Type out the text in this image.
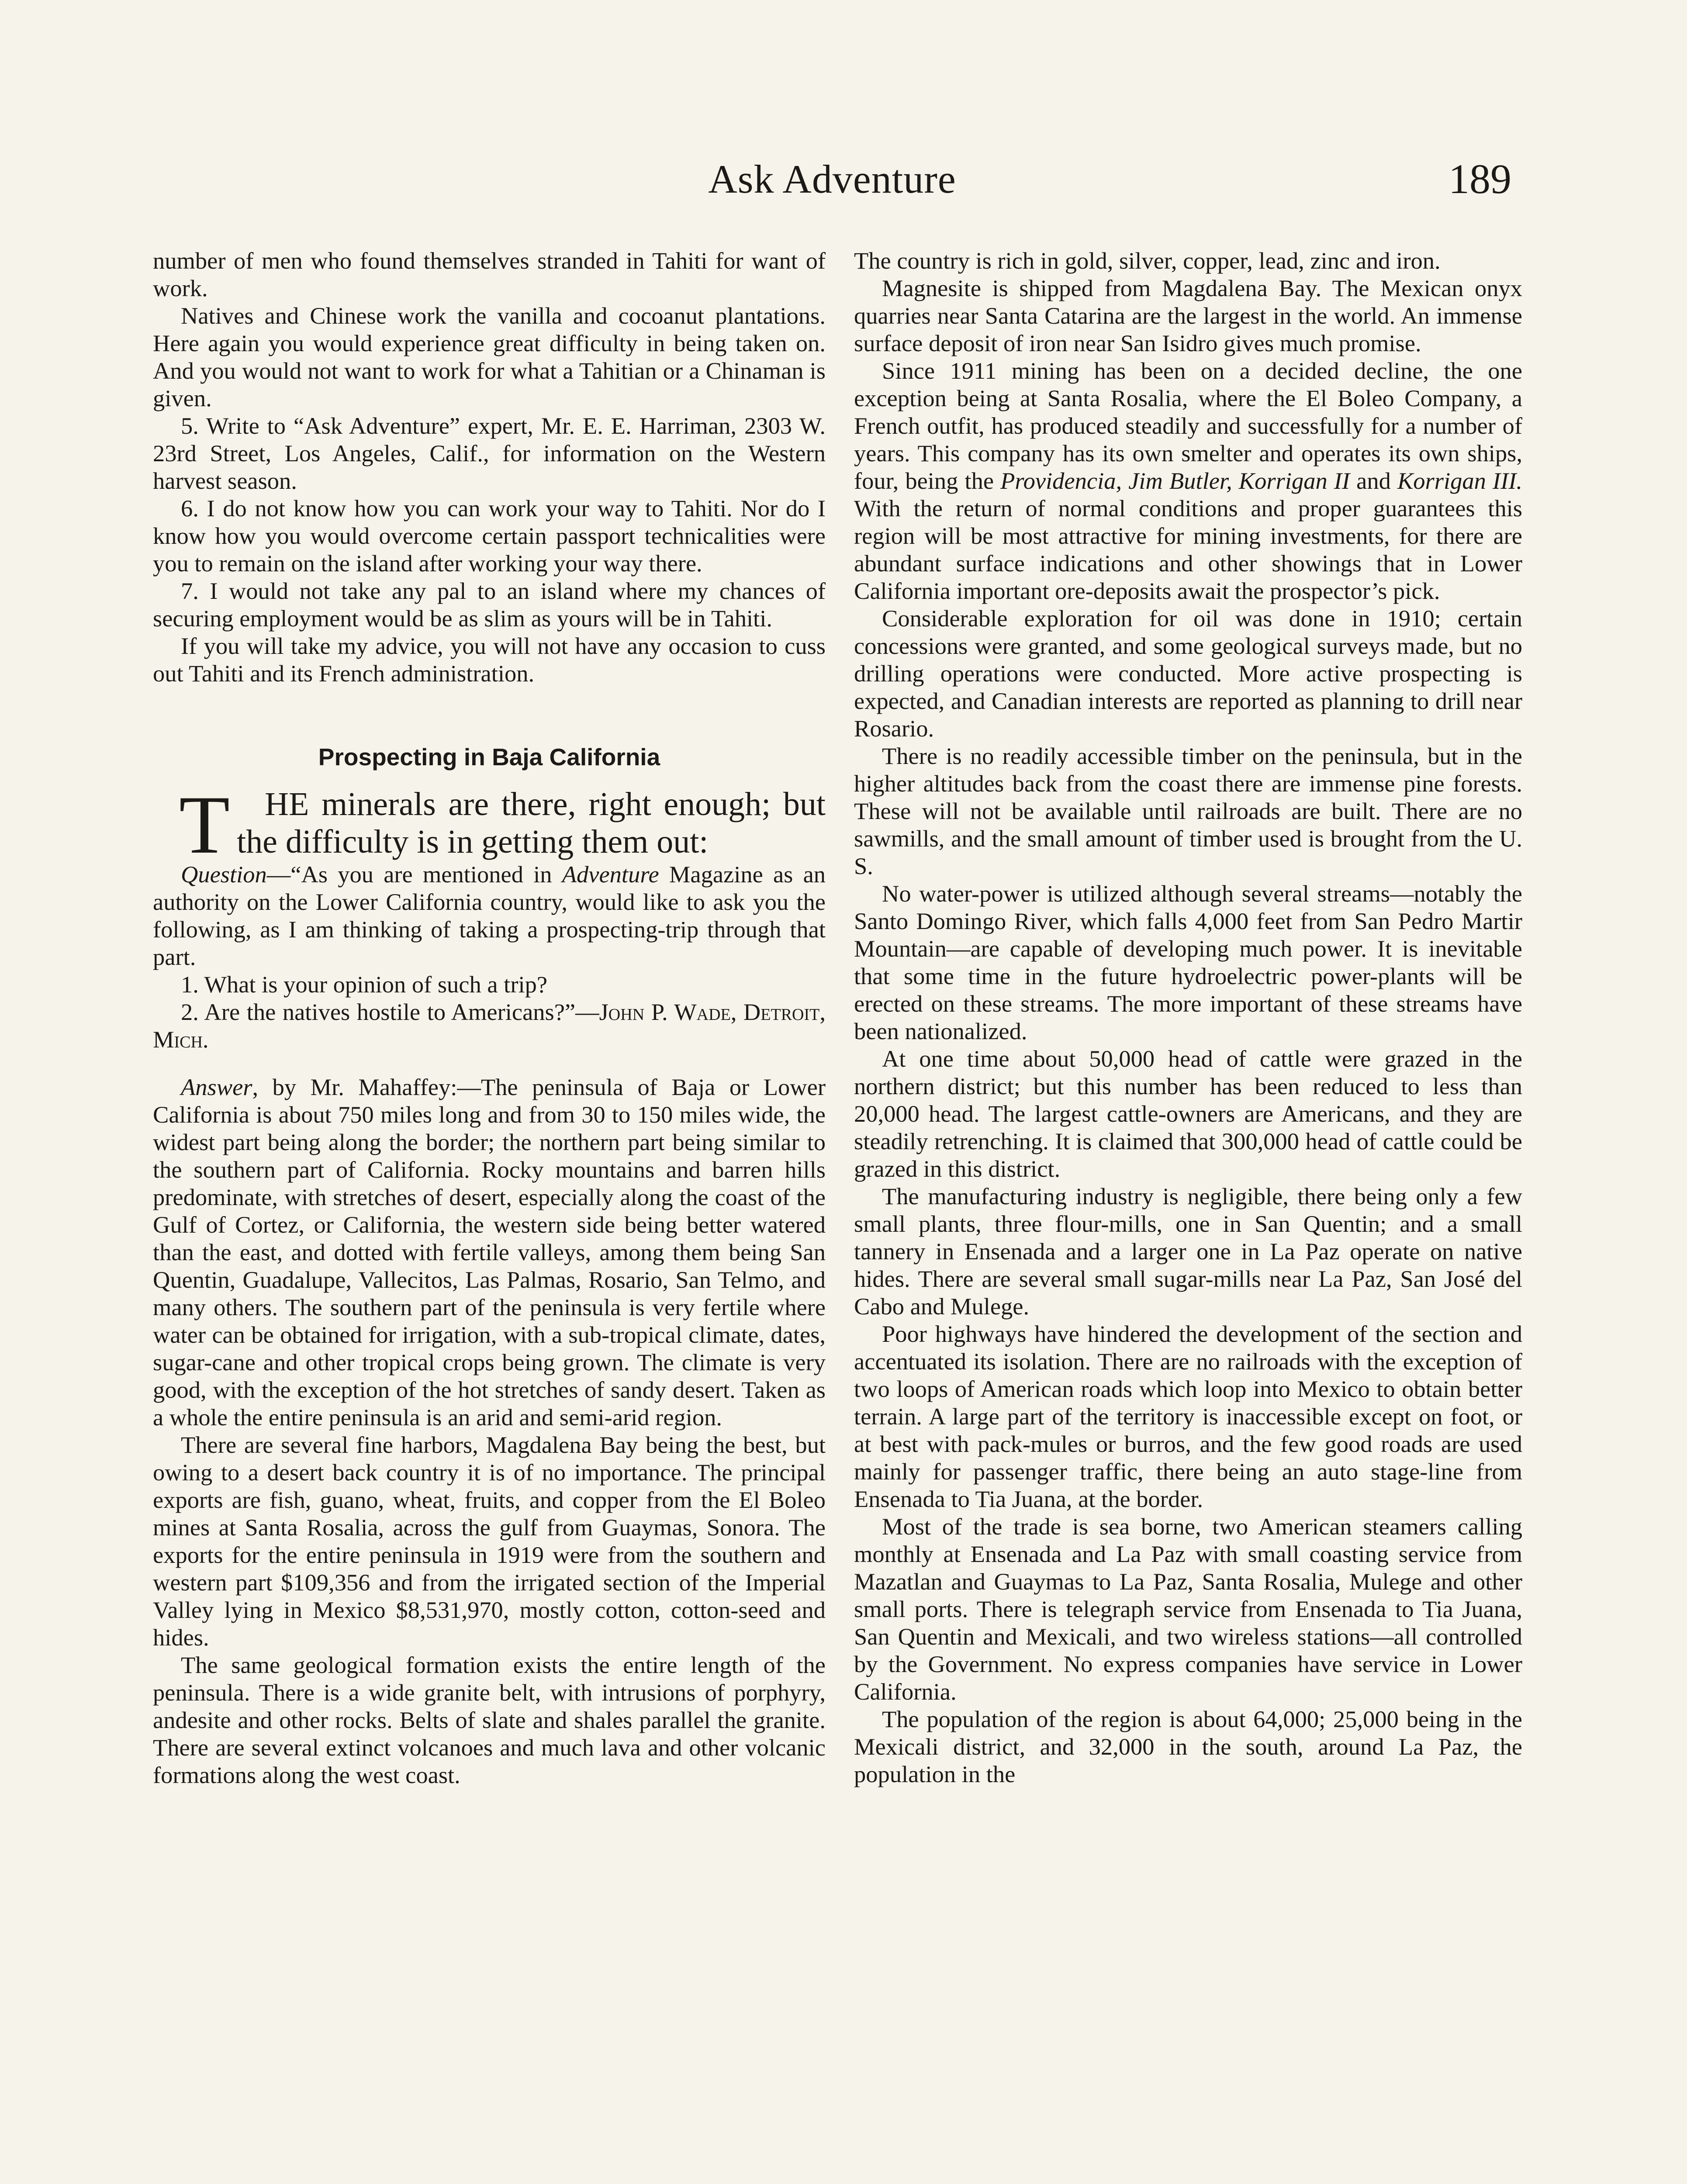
Ask Adventure	189

number of men who found themselves stranded in Tahiti for want of work.

Natives and Chinese work the vanilla and cocoanut plantations. Here again you would experience great difficulty in being taken on. And you would not want to work for what a Tahitian or a Chinaman is given.

5. Write to “Ask Adventure” expert, Mr. E. E. Harriman, 2303 W. 23rd Street, Los Angeles, Calif., for information on the Western harvest season.

6. I do not know how you can work your way to Tahiti. Nor do I know how you would overcome certain passport technicalities were you to remain on the island after working your way there.

7. I would not take any pal to an island where my chances of securing employment would be as slim as yours will be in Tahiti.

If you will take my advice, you will not have any occasion to cuss out Tahiti and its French administration.

Prospecting in Baja California

T HE minerals are there, right enough; but the difficulty is in getting them out:

Question—“As you are mentioned in Adventure Magazine as an authority on the Lower California country, would like to ask you the following, as I am thinking of taking a prospecting-trip through that part.

1. What is your opinion of such a trip?

2. Are the natives hostile to Americans?”—John P. Wade, Detroit, Mich.

Answer, by Mr. Mahaffey:—The peninsula of Baja or Lower California is about 750 miles long and from 30 to 150 miles wide, the widest part being along the border; the northern part being similar to the southern part of California. Rocky mountains and barren hills predominate, with stretches of desert, especially along the coast of the Gulf of Cortez, or California, the western side being better watered than the east, and dotted with fertile valleys, among them being San Quentin, Guadalupe, Vallecitos, Las Palmas, Rosario, San Telmo, and many others. The southern part of the peninsula is very fertile where water can be obtained for irrigation, with a sub-tropical climate, dates, sugar-cane and other tropical crops being grown. The climate is very good, with the exception of the hot stretches of sandy desert. Taken as a whole the entire peninsula is an arid and semi-arid region.

There are several fine harbors, Magdalena Bay being the best, but owing to a desert back country it is of no importance. The principal exports are fish, guano, wheat, fruits, and copper from the El Boleo mines at Santa Rosalia, across the gulf from Guaymas, Sonora. The exports for the entire peninsula in 1919 were from the southern and western part $109,356 and from the irrigated section of the Imperial Valley lying in Mexico $8,531,970, mostly cotton, cotton-seed and hides.

The same geological formation exists the entire length of the peninsula. There is a wide granite belt, with intrusions of porphyry, andesite and other rocks. Belts of slate and shales parallel the granite. There are several extinct volcanoes and much lava and other volcanic formations along the west coast.

The country is rich in gold, silver, copper, lead, zinc and iron.

Magnesite is shipped from Magdalena Bay. The Mexican onyx quarries near Santa Catarina are the largest in the world. An immense surface deposit of iron near San Isidro gives much promise.

Since 1911 mining has been on a decided decline, the one exception being at Santa Rosalia, where the El Boleo Company, a French outfit, has produced steadily and successfully for a number of years. This company has its own smelter and operates its own ships, four, being the Providencia, Jim Butler, Korrigan II and Korrigan III. With the return of normal conditions and proper guarantees this region will be most attractive for mining investments, for there are abundant surface indications and other showings that in Lower California important ore-deposits await the prospector’s pick.

Considerable exploration for oil was done in 1910; certain concessions were granted, and some geological surveys made, but no drilling operations were conducted. More active prospecting is expected, and Canadian interests are reported as planning to drill near Rosario.

There is no readily accessible timber on the peninsula, but in the higher altitudes back from the coast there are immense pine forests. These will not be available until railroads are built. There are no sawmills, and the small amount of timber used is brought from the U. S.

No water-power is utilized although several streams—notably the Santo Domingo River, which falls 4,000 feet from San Pedro Martir Mountain—are capable of developing much power. It is inevitable that some time in the future hydroelectric power-plants will be erected on these streams. The more important of these streams have been nationalized.

At one time about 50,000 head of cattle were grazed in the northern district; but this number has been reduced to less than 20,000 head. The largest cattle-owners are Americans, and they are steadily retrenching. It is claimed that 300,000 head of cattle could be grazed in this district.

The manufacturing industry is negligible, there being only a few small plants, three flour-mills, one in San Quentin; and a small tannery in Ensenada and a larger one in La Paz operate on native hides. There are several small sugar-mills near La Paz, San José del Cabo and Mulege.

Poor highways have hindered the development of the section and accentuated its isolation. There are no railroads with the exception of two loops of American roads which loop into Mexico to obtain better terrain. A large part of the territory is inaccessible except on foot, or at best with pack-mules or burros, and the few good roads are used mainly for passenger traffic, there being an auto stage-line from Ensenada to Tia Juana, at the border.

Most of the trade is sea borne, two American steamers calling monthly at Ensenada and La Paz with small coasting service from Mazatlan and Guaymas to La Paz, Santa Rosalia, Mulege and other small ports. There is telegraph service from Ensenada to Tia Juana, San Quentin and Mexicali, and two wireless stations—all controlled by the Government. No express companies have service in Lower California.

The population of the region is about 64,000; 25,000 being in the Mexicali district, and 32,000 in the south, around La Paz, the population in the
